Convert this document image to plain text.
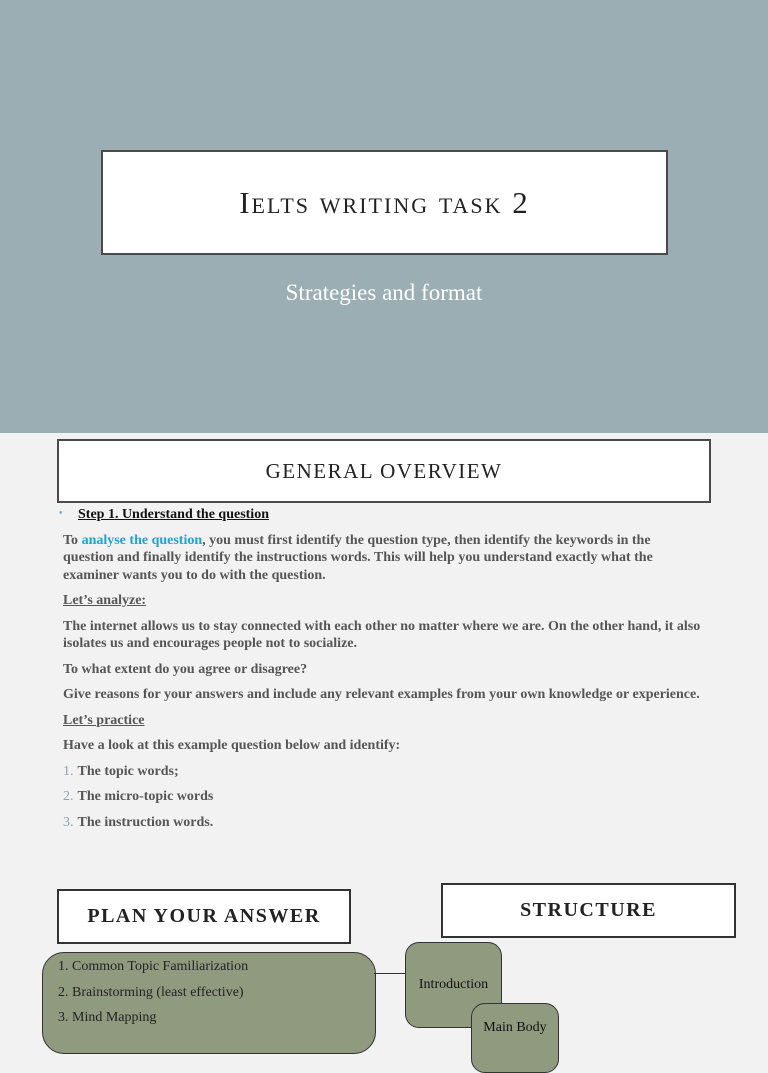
Ielts writing task 2
Strategies and format
GENERAL OVERVIEW
• Step 1. Understand the question

To analyse the question, you must first identify the question type, then identify the keywords in the question and finally identify the instructions words. This will help you understand exactly what the examiner wants you to do with the question.

Let’s analyze:

The internet allows us to stay connected with each other no matter where we are. On the other hand, it also isolates us and encourages people not to socialize.

To what extent do you agree or disagree?

Give reasons for your answers and include any relevant examples from your own knowledge or experience.

Let’s practice

Have a look at this example question below and identify:

1. The topic words;

2. The micro-topic words

3. The instruction words.

PLAN YOUR ANSWER	STRUCTURE
1. Common Topic Familiarization
2. Brainstorming (least effective)
3. Mind Mapping
Introduction
Main Body
